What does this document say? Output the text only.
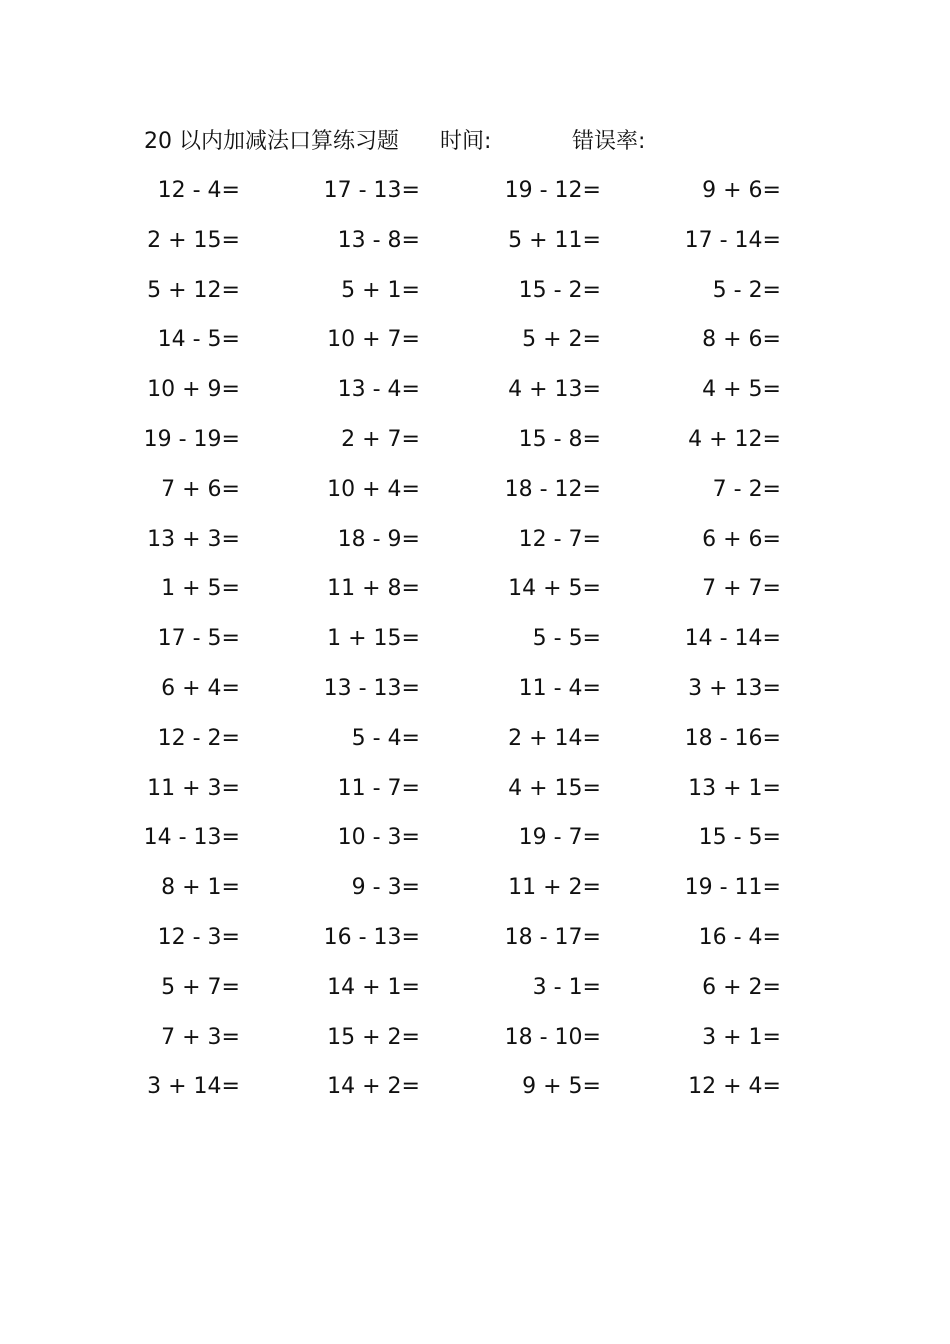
20 以内加减法口算练习题 时间:	错误率:
12 - 4=	17 - 13=	19 - 12=	9 + 6=
2 + 15=	13 - 8=	5 + 11=	17 - 14=
5 + 12=	5 + 1=	15 - 2=	5 - 2=
14 - 5=	10 + 7=	5 + 2=	8 + 6=
10 + 9=	13 - 4=	4 + 13=	4 + 5=
19 - 19=	2 + 7=	15 - 8=	4 + 12=
7 + 6=	10 + 4=	18 - 12=	7 - 2=
13 + 3=	18 - 9=	12 - 7=	6 + 6=
1 + 5=	11 + 8=	14 + 5=	7 + 7=
17 - 5=	1 + 15=	5 - 5=	14 - 14=
6 + 4=	13 - 13=	11 - 4=	3 + 13=
12 - 2=	5 - 4=	2 + 14=	18 - 16=
11 + 3=	11 - 7=	4 + 15=	13 + 1=
14 - 13=	10 - 3=	19 - 7=	15 - 5=
8 + 1=	9 - 3=	11 + 2=	19 - 11=
12 - 3=	16 - 13=	18 - 17=	16 - 4=
5 + 7=	14 + 1=	3 - 1=	6 + 2=
7 + 3=	15 + 2=	18 - 10=	3 + 1=
3 + 14=	14 + 2=	9 + 5=	12 + 4=
